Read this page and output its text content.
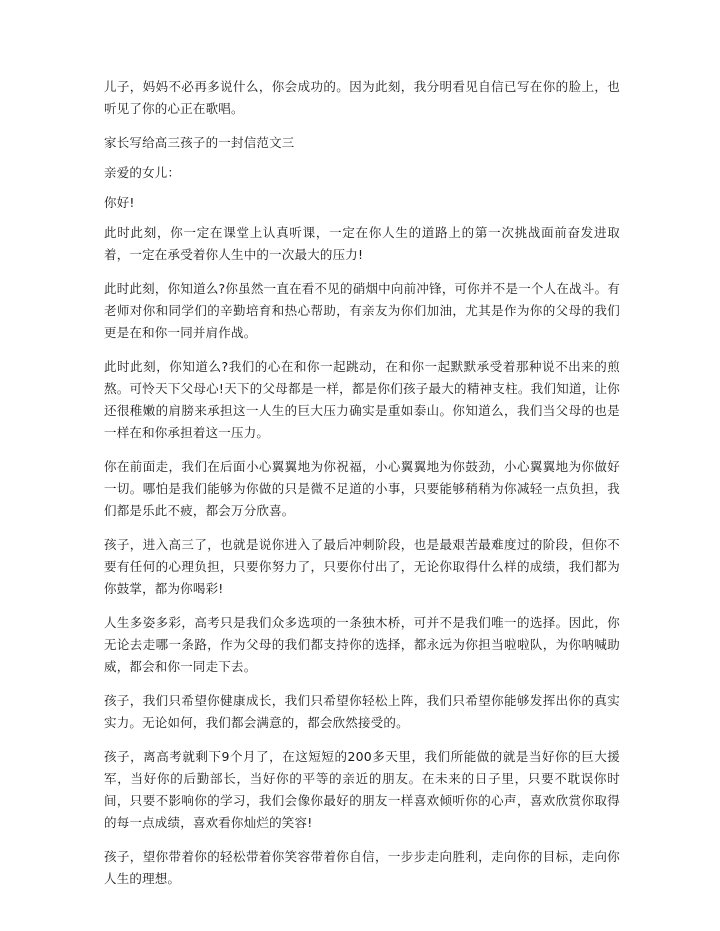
儿子，妈妈不必再多说什么，你会成功的。因为此刻，我分明看见自信已写在你的脸上，也听见了你的心正在歌唱。

家长写给高三孩子的一封信范文三

亲爱的女儿：

你好!

此时此刻，你一定在课堂上认真听课，一定在你人生的道路上的第一次挑战面前奋发进取着，一定在承受着你人生中的一次最大的压力!

此时此刻，你知道么?你虽然一直在看不见的硝烟中向前冲锋，可你并不是一个人在战斗。有老师对你和同学们的辛勤培育和热心帮助，有亲友为你们加油，尤其是作为你的父母的我们更是在和你一同并肩作战。

此时此刻，你知道么?我们的心在和你一起跳动，在和你一起默默承受着那种说不出来的煎熬。可怜天下父母心!天下的父母都是一样，都是你们孩子最大的精神支柱。我们知道，让你还很稚嫩的肩膀来承担这一人生的巨大压力确实是重如泰山。你知道么，我们当父母的也是一样在和你承担着这一压力。

你在前面走，我们在后面小心翼翼地为你祝福，小心翼翼地为你鼓劲，小心翼翼地为你做好一切。哪怕是我们能够为你做的只是微不足道的小事，只要能够稍稍为你减轻一点负担，我们都是乐此不疲，都会万分欣喜。

孩子，进入高三了，也就是说你进入了最后冲刺阶段，也是最艰苦最难度过的阶段，但你不要有任何的心理负担，只要你努力了，只要你付出了，无论你取得什么样的成绩，我们都为你鼓掌，都为你喝彩!

人生多姿多彩，高考只是我们众多选项的一条独木桥，可并不是我们唯一的选择。因此，你无论去走哪一条路，作为父母的我们都支持你的选择，都永远为你担当啦啦队，为你呐喊助威，都会和你一同走下去。

孩子，我们只希望你健康成长，我们只希望你轻松上阵，我们只希望你能够发挥出你的真实实力。无论如何，我们都会满意的，都会欣然接受的。

孩子，离高考就剩下9个月了，在这短短的200多天里，我们所能做的就是当好你的巨大援军，当好你的后勤部长，当好你的平等的亲近的朋友。在未来的日子里，只要不耽误你时间，只要不影响你的学习，我们会像你最好的朋友一样喜欢倾听你的心声，喜欢欣赏你取得的每一点成绩，喜欢看你灿烂的笑容!

孩子，望你带着你的轻松带着你笑容带着你自信，一步步走向胜利，走向你的目标，走向你人生的理想。
